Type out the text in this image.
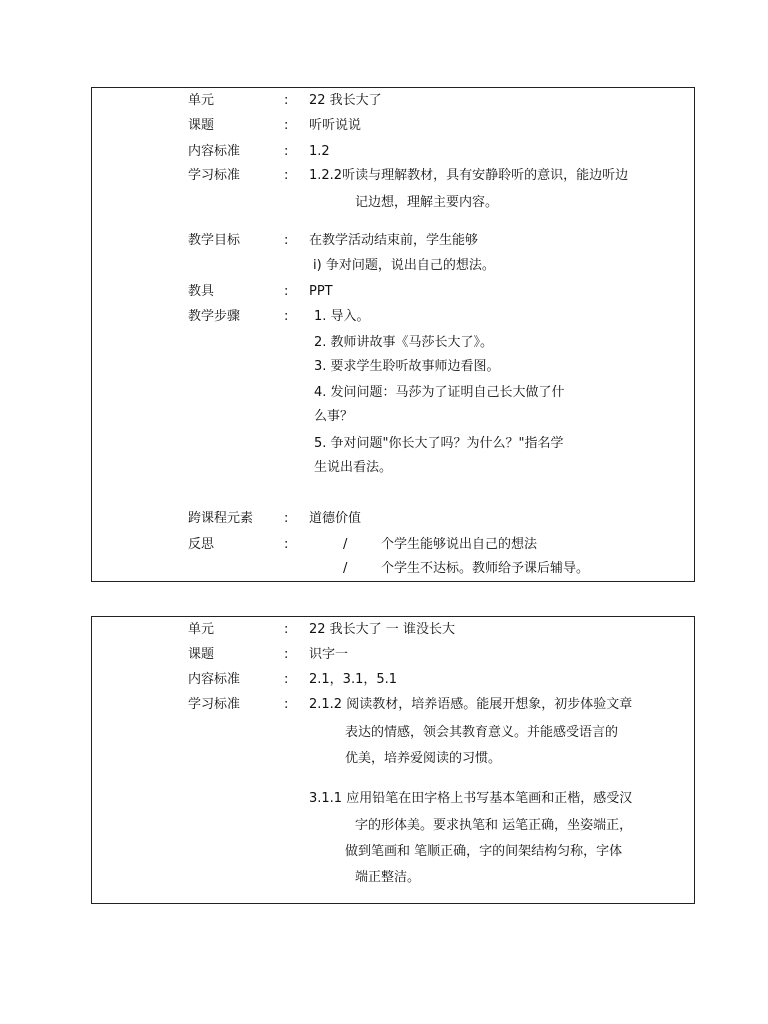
单元	: 22 我长大了
课题	: 听听说说
内容标准	: 1.2
学习标准	: 1.2.2听读与理解教材，具有安静聆听的意识，能边听边
记边想，理解主要内容。
教学目标	: 在教学活动结束前，学生能够
i) 争对问题，说出自己的想法。
教具	: PPT
教学步骤	: 1. 导入。
2. 教师讲故事《马莎长大了》。
3. 要求学生聆听故事师边看图。
4. 发问问题：马莎为了证明自己长大做了什
么事？
5. 争对问题"你长大了吗？为什么？"指名学
生说出看法。
跨课程元素 : 道德价值
反思	:	/	个学生能够说出自己的想法
/	个学生不达标。教师给予课后辅导。
单元	: 22 我长大了 一 谁没长大
课题	: 识字一
内容标准	: 2.1，3.1，5.1
学习标准	: 2.1.2 阅读教材，培养语感。能展开想象，初步体验文章
表达的情感，领会其教育意义。并能感受语言的
优美，培养爱阅读的习惯。
3.1.1 应用铅笔在田字格上书写基本笔画和正楷，感受汉
字的形体美。要求执笔和 运笔正确，坐姿端正，
做到笔画和 笔顺正确，字的间架结构匀称，字体
端正整洁。
